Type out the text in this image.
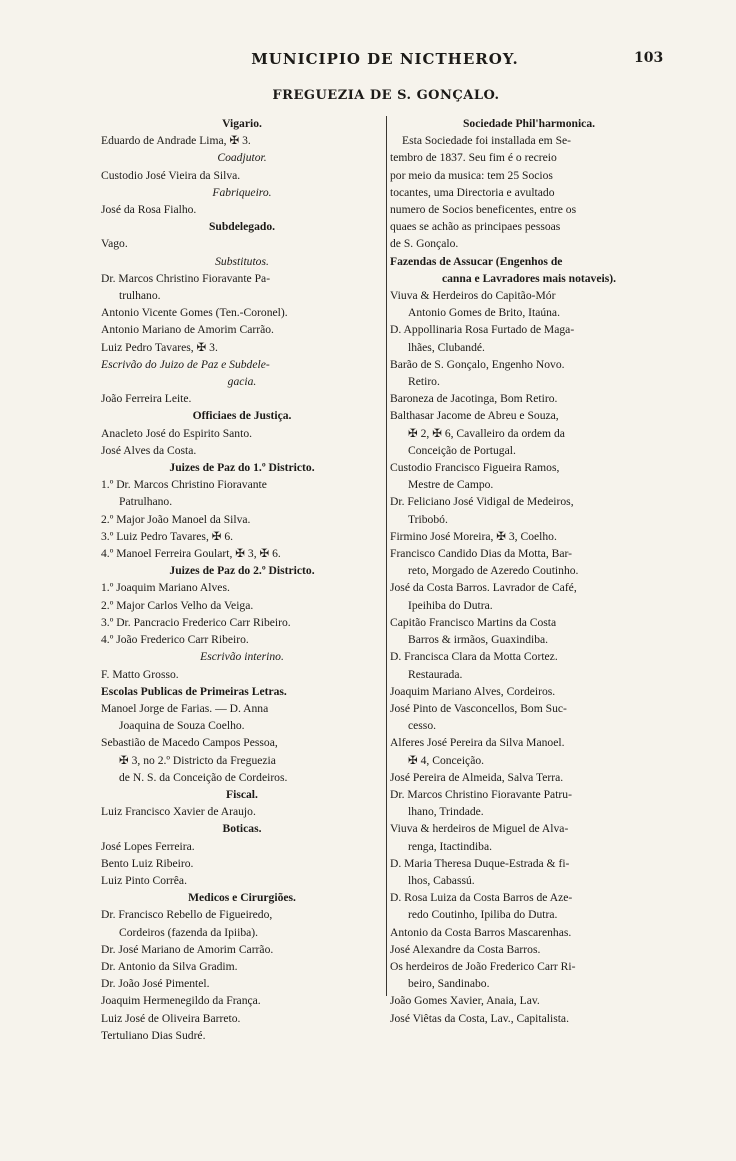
MUNICIPIO DE NICTHEROY.	103
FREGUEZIA DE S. GONÇALO.
Vigario.
Eduardo de Andrade Lima, ✠ 3.
Coadjutor.
Custodio José Vieira da Silva.
Fabriqueiro.
José da Rosa Fialho.
Subdelegado.
Vago.
Substitutos.
Dr. Marcos Christino Fioravante Pa-
trulhano.
Antonio Vicente Gomes (Ten.-Coronel).
Antonio Mariano de Amorim Carrão.
Luiz Pedro Tavares, ✠ 3.
Escrivão do Juizo de Paz e Subdele-
gacia.
João Ferreira Leite.
Officiaes de Justiça.
Anacleto José do Espirito Santo.
José Alves da Costa.
Juizes de Paz do 1.º Districto.
1.º Dr. Marcos Christino Fioravante
Patrulhano.
2.º Major João Manoel da Silva.
3.º Luiz Pedro Tavares, ✠ 6.
4.º Manoel Ferreira Goulart, ✠ 3, ✠ 6.
Juizes de Paz do 2.º Districto.
1.º Joaquim Mariano Alves.
2.º Major Carlos Velho da Veiga.
3.º Dr. Pancracio Frederico Carr Ribeiro.
4.º João Frederico Carr Ribeiro.
Escrivão interino.
F. Matto Grosso.
Escolas Publicas de Primeiras Letras.
Manoel Jorge de Farias. — D. Anna
Joaquina de Souza Coelho.
Sebastião de Macedo Campos Pessoa,
✠ 3, no 2.º Districto da Freguezia
de N. S. da Conceição de Cordeiros.
Fiscal.
Luiz Francisco Xavier de Araujo.
Boticas.
José Lopes Ferreira.
Bento Luiz Ribeiro.
Luiz Pinto Corrêa.
Medicos e Cirurgiões.
Dr. Francisco Rebello de Figueiredo,
Cordeiros (fazenda da Ipiiba).
Dr. José Mariano de Amorim Carrão.
Dr. Antonio da Silva Gradim.
Dr. João José Pimentel.
Joaquim Hermenegildo da França.
Luiz José de Oliveira Barreto.
Tertuliano Dias Sudré.
Sociedade Phil'harmonica.
Esta Sociedade foi installada em Se-
tembro de 1837. Seu fim é o recreio
por meio da musica: tem 25 Socios
tocantes, uma Directoria e avultado
numero de Socios beneficentes, entre os
quaes se achão as principaes pessoas
de S. Gonçalo.
Fazendas de Assucar (Engenhos de
canna e Lavradores mais notaveis).
Viuva & Herdeiros do Capitão-Mór
Antonio Gomes de Brito, Itaúna.
D. Appollinaria Rosa Furtado de Maga-
lhães, Clubandé.
Barão de S. Gonçalo, Engenho Novo.
Retiro.
Baroneza de Jacotinga, Bom Retiro.
Balthasar Jacome de Abreu e Souza,
✠ 2, ✠ 6, Cavalleiro da ordem da
Conceição de Portugal.
Custodio Francisco Figueira Ramos,
Mestre de Campo.
Dr. Feliciano José Vidigal de Medeiros,
Tribobó.
Firmino José Moreira, ✠ 3, Coelho.
Francisco Candido Dias da Motta, Bar-
reto, Morgado de Azeredo Coutinho.
José da Costa Barros. Lavrador de Café,
Ipeihiba do Dutra.
Capitão Francisco Martins da Costa
Barros & irmãos, Guaxindiba.
D. Francisca Clara da Motta Cortez.
Restaurada.
Joaquim Mariano Alves, Cordeiros.
José Pinto de Vasconcellos, Bom Suc-
cesso.
Alferes José Pereira da Silva Manoel.
✠ 4, Conceição.
José Pereira de Almeida, Salva Terra.
Dr. Marcos Christino Fioravante Patru-
lhano, Trindade.
Viuva & herdeiros de Miguel de Alva-
renga, Itactindiba.
D. Maria Theresa Duque-Estrada & fi-
lhos, Cabassú.
D. Rosa Luiza da Costa Barros de Aze-
redo Coutinho, Ipiliba do Dutra.
Antonio da Costa Barros Mascarenhas.
José Alexandre da Costa Barros.
Os herdeiros de João Frederico Carr Ri-
beiro, Sandinabo.
João Gomes Xavier, Anaia, Lav.
José Viêtas da Costa, Lav., Capitalista.
